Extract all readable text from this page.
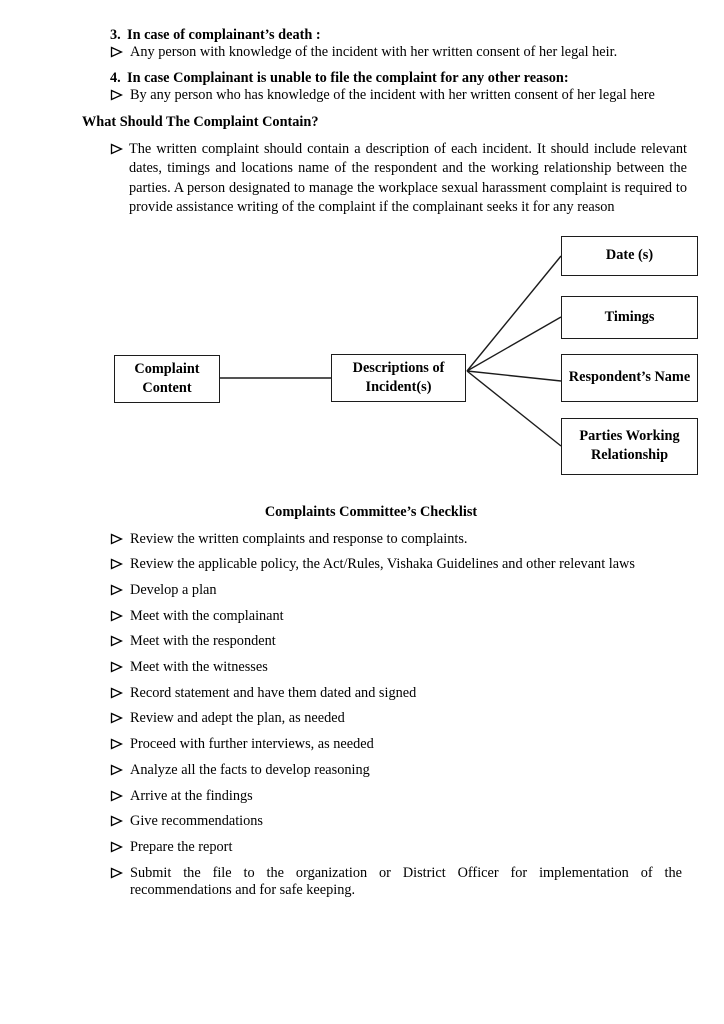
3. In case of complainant’s death :
Any person with knowledge of the incident with her written consent of her legal heir.
4. In case Complainant is unable to file the complaint for any other reason:
By any person who has knowledge of the incident with her written consent of her legal here
What Should The Complaint Contain?
The written complaint should contain a description of each incident. It should include relevant dates, timings and locations name of the respondent and the working relationship between the parties. A person designated to manage the workplace sexual harassment complaint is required to provide assistance writing of the complaint if the complainant seeks it for any reason
Complaint Content
Descriptions of Incident(s)
Date (s)
Timings
Respondent’s Name
Parties Working Relationship
Complaints Committee’s Checklist
Review the written complaints and response to complaints.
Review the applicable policy, the Act/Rules, Vishaka Guidelines and other relevant laws
Develop a plan
Meet with the complainant
Meet with the respondent
Meet with the witnesses
Record statement and have them dated and signed
Review and adept the plan, as needed
Proceed with further interviews, as needed
Analyze all the facts to develop reasoning
Arrive at the findings
Give recommendations
Prepare the report
Submit the file to the organization or District Officer for implementation of the recommendations and for safe keeping.
